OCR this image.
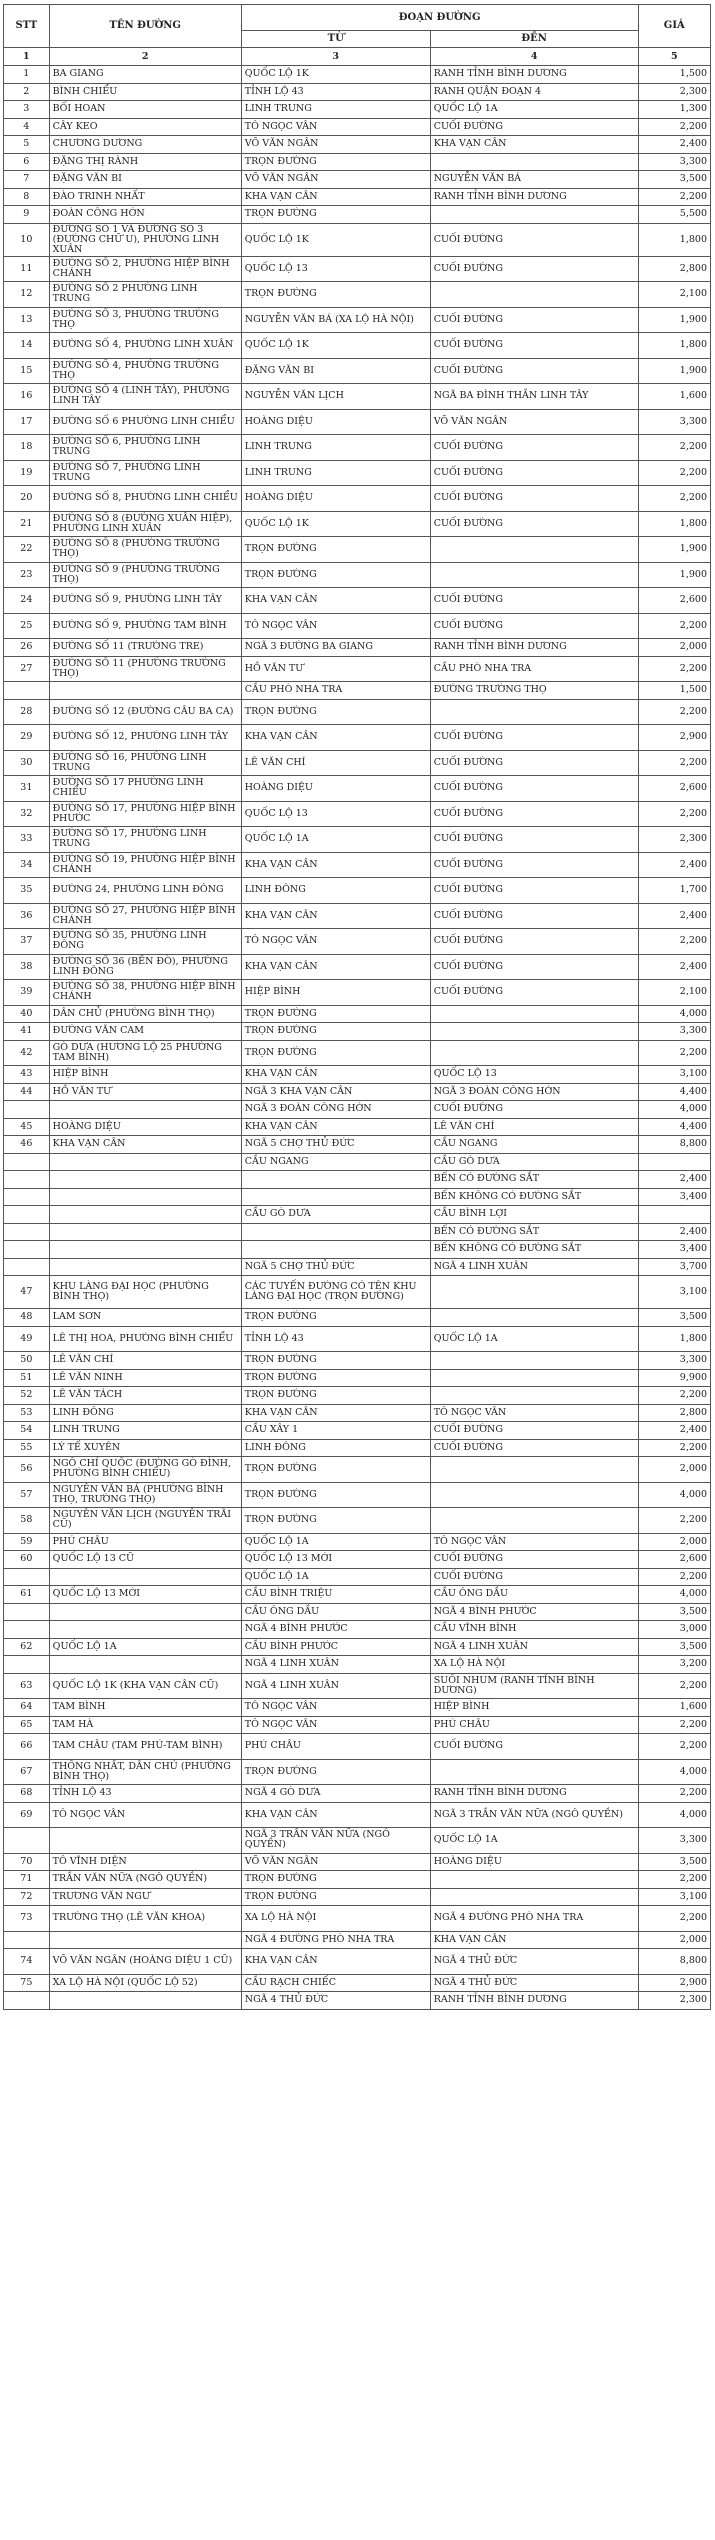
STT	TÊN ĐƯỜNG	ĐOẠN ĐƯỜNG		GIÁ
		TỪ	ĐẾN	
1	2	3	4	5
1	BA GIANG	QUỐC LỘ 1K	RANH TỈNH BÌNH DƯƠNG	1,500
2	BÌNH CHIỂU	TỈNH LỘ 43	RANH QUẬN ĐOẠN 4	2,300
3	BỐI HOAN	LINH TRUNG	QUỐC LỘ 1A	1,300
4	CÂY KEO	TÔ NGỌC VÂN	CUỐI ĐƯỜNG	2,200
5	CHƯƠNG DƯƠNG	VÕ VĂN NGÂN	KHA VẠN CÂN	2,400
6	ĐẶNG THỊ RÀNH	TRỌN ĐƯỜNG		3,300
7	ĐẶNG VĂN BI	VÕ VĂN NGÂN	NGUYỄN VĂN BÁ	3,500
8	ĐÀO TRINH NHẤT	KHA VẠN CÂN	RANH TỈNH BÌNH DƯƠNG	2,200
9	ĐOÀN CÔNG HỚN	TRỌN ĐƯỜNG		5,500
10	ĐƯỜNG SỐ 1 VÀ ĐƯỜNG SỐ 3 (ĐƯỜNG CHỮ U), PHƯỜNG LINH XUÂN	QUỐC LỘ 1K	CUỐI ĐƯỜNG	1,800
11	ĐƯỜNG SỐ 2, PHƯỜNG HIỆP BÌNH CHÁNH	QUỐC LỘ 13	CUỐI ĐƯỜNG	2,800
12	ĐƯỜNG SỐ 2 PHƯỜNG LINH TRUNG	TRỌN ĐƯỜNG		2,100
13	ĐƯỜNG SỐ 3, PHƯỜNG TRƯỜNG THỌ	NGUYỄN VĂN BÁ (XA LỘ HÀ NỘI)	CUỐI ĐƯỜNG	1,900
14	ĐƯỜNG SỐ 4, PHƯỜNG LINH XUÂN	QUỐC LỘ 1K	CUỐI ĐƯỜNG	1,800
15	ĐƯỜNG SỐ 4, PHƯỜNG TRƯỜNG THỌ	ĐẶNG VĂN BI	CUỐI ĐƯỜNG	1,900
16	ĐƯỜNG SỐ 4 (LINH TÂY), PHƯỜNG LINH TÂY	NGUYỄN VĂN LỊCH	NGÃ BA ĐÌNH THẦN LINH TÂY	1,600
17	ĐƯỜNG SỐ 6 PHƯỜNG LINH CHIỂU	HOÀNG DIỆU	VÕ VĂN NGÂN	3,300
18	ĐƯỜNG SỐ 6, PHƯỜNG LINH TRUNG	LINH TRUNG	CUỐI ĐƯỜNG	2,200
19	ĐƯỜNG SỐ 7, PHƯỜNG LINH TRUNG	LINH TRUNG	CUỐI ĐƯỜNG	2,200
20	ĐƯỜNG SỐ 8, PHƯỜNG LINH CHIỂU	HOÀNG DIỆU	CUỐI ĐƯỜNG	2,200
21	ĐƯỜNG SỐ 8 (ĐƯỜNG XUÂN HIỆP), PHƯỜNG LINH XUÂN	QUỐC LỘ 1K	CUỐI ĐƯỜNG	1,800
22	ĐƯỜNG SỐ 8 (PHƯỜNG TRƯỜNG THỌ)	TRỌN ĐƯỜNG		1,900
23	ĐƯỜNG SỐ 9 (PHƯỜNG TRƯỜNG THỌ)	TRỌN ĐƯỜNG		1,900
24	ĐƯỜNG SỐ 9, PHƯỜNG LINH TÂY	KHA VẠN CÂN	CUỐI ĐƯỜNG	2,600
25	ĐƯỜNG SỐ 9, PHƯỜNG TAM BÌNH	TÔ NGỌC VÂN	CUỐI ĐƯỜNG	2,200
26	ĐƯỜNG SỐ 11 (TRƯỜNG TRE)	NGÃ 3 ĐƯỜNG BA GIANG	RANH TỈNH BÌNH DƯƠNG	2,000
27	ĐƯỜNG SỐ 11 (PHƯỜNG TRƯỜNG THỌ)	HỒ VĂN TƯ	CẦU PHÒ NHA TRA	2,200
		CẦU PHÒ NHA TRA	ĐƯỜNG TRƯỜNG THỌ	1,500
28	ĐƯỜNG SỐ 12 (ĐƯỜNG CÂU BA CA)	TRỌN ĐƯỜNG		2,200
29	ĐƯỜNG SỐ 12, PHƯỜNG LINH TÂY	KHA VẠN CÂN	CUỐI ĐƯỜNG	2,900
30	ĐƯỜNG SỐ 16, PHƯỜNG LINH TRUNG	LÊ VĂN CHÍ	CUỐI ĐƯỜNG	2,200
31	ĐƯỜNG SỐ 17 PHƯỜNG LINH CHIỂU	HOÀNG DIỆU	CUỐI ĐƯỜNG	2,600
32	ĐƯỜNG SỐ 17, PHƯỜNG HIỆP BÌNH PHƯỚC	QUỐC LỘ 13	CUỐI ĐƯỜNG	2,200
33	ĐƯỜNG SỐ 17, PHƯỜNG LINH TRUNG	QUỐC LỘ 1A	CUỐI ĐƯỜNG	2,300
34	ĐƯỜNG SỐ 19, PHƯỜNG HIỆP BÌNH CHÁNH	KHA VẠN CÂN	CUỐI ĐƯỜNG	2,400
35	ĐƯỜNG 24, PHƯỜNG LINH ĐÔNG	LINH ĐÔNG	CUỐI ĐƯỜNG	1,700
36	ĐƯỜNG SỐ 27, PHƯỜNG HIỆP BÌNH CHÁNH	KHA VẠN CÂN	CUỐI ĐƯỜNG	2,400
37	ĐƯỜNG SỐ 35, PHƯỜNG LINH ĐÔNG	TÔ NGỌC VÂN	CUỐI ĐƯỜNG	2,200
38	ĐƯỜNG SỐ 36 (BẾN ĐÒ), PHƯỜNG LINH ĐÔNG	KHA VẠN CÂN	CUỐI ĐƯỜNG	2,400
39	ĐƯỜNG SỐ 38, PHƯỜNG HIỆP BÌNH CHÁNH	HIỆP BÌNH	CUỐI ĐƯỜNG	2,100
40	DÂN CHỦ (PHƯỜNG BÌNH THỌ)	TRỌN ĐƯỜNG		4,000
41	ĐƯỜNG VĂN CAM	TRỌN ĐƯỜNG		3,300
42	GÒ DƯA (HƯƠNG LỘ 25 PHƯỜNG TAM BÌNH)	TRỌN ĐƯỜNG		2,200
43	HIỆP BÌNH	KHA VẠN CÂN	QUỐC LỘ 13	3,100
44	HỒ VĂN TƯ	NGÃ 3 KHA VẠN CÂN	NGÃ 3 ĐOÀN CÔNG HỚN	4,400
		NGÃ 3 ĐOÀN CÔNG HỚN	CUỐI ĐƯỜNG	4,000
45	HOÀNG DIỆU	KHA VẠN CÂN	LÊ VĂN CHÍ	4,400
46	KHA VẠN CÂN	NGÃ 5 CHỢ THỦ ĐỨC	CẦU NGANG	8,800
		CẦU NGANG	CẦU GÒ DƯA	
			BẾN CÓ ĐƯỜNG SẮT	2,400
			BẾN KHÔNG CÓ ĐƯỜNG SẮT	3,400
		CẦU GÒ DƯA	CẦU BÌNH LỢI	
			BẾN CÓ ĐƯỜNG SẮT	2,400
			BẾN KHÔNG CÓ ĐƯỜNG SẮT	3,400
		NGÃ 5 CHỢ THỦ ĐỨC	NGÃ 4 LINH XUÂN	3,700
47	KHU LÀNG ĐẠI HỌC (PHƯỜNG BÌNH THỌ)	CÁC TUYẾN ĐƯỜNG CÓ TÊN KHU LÀNG ĐẠI HỌC (TRỌN ĐƯỜNG)		3,100
48	LAM SƠN	TRỌN ĐƯỜNG		3,500
49	LÊ THỊ HOA, PHƯỜNG BÌNH CHIỂU	TỈNH LỘ 43	QUỐC LỘ 1A	1,800
50	LÊ VĂN CHÍ	TRỌN ĐƯỜNG		3,300
51	LÊ VĂN NINH	TRỌN ĐƯỜNG		9,900
52	LÊ VĂN TÁCH	TRỌN ĐƯỜNG		2,200
53	LINH ĐÔNG	KHA VẠN CÂN	TÔ NGỌC VÂN	2,800
54	LINH TRUNG	CẦU XÂY 1	CUỐI ĐƯỜNG	2,400
55	LÝ TẾ XUYÊN	LINH ĐÔNG	CUỐI ĐƯỜNG	2,200
56	NGÔ CHÍ QUỐC (ĐƯỜNG GÒ ĐÌNH, PHƯỜNG BÌNH CHIỂU)	TRỌN ĐƯỜNG		2,000
57	NGUYỄN VĂN BÁ (PHƯỜNG BÌNH THỌ, TRƯỜNG THỌ)	TRỌN ĐƯỜNG		4,000
58	NGUYỄN VĂN LỊCH (NGUYỄN TRÃI CŨ)	TRỌN ĐƯỜNG		2,200
59	PHÚ CHÂU	QUỐC LỘ 1A	TÔ NGỌC VÂN	2,000
60	QUỐC LỘ 13 CŨ	QUỐC LỘ 13 MỚI	CUỐI ĐƯỜNG	2,600
		QUỐC LỘ 1A	CUỐI ĐƯỜNG	2,200
61	QUỐC LỘ 13 MỚI	CẦU BÌNH TRIỆU	CẦU ÔNG DẦU	4,000
		CẦU ÔNG DẦU	NGÃ 4 BÌNH PHƯỚC	3,500
		NGÃ 4 BÌNH PHƯỚC	CẦU VĨNH BÌNH	3,000
62	QUỐC LỘ 1A	CẦU BÌNH PHƯỚC	NGÃ 4 LINH XUÂN	3,500
		NGÃ 4 LINH XUÂN	XA LỘ HÀ NỘI	3,200
63	QUỐC LỘ 1K (KHA VẠN CÂN CŨ)	NGÃ 4 LINH XUÂN	SUỐI NHUM (RANH TỈNH BÌNH DƯƠNG)	2,200
64	TAM BÌNH	TÔ NGỌC VÂN	HIỆP BÌNH	1,600
65	TAM HÀ	TÔ NGỌC VÂN	PHÚ CHÂU	2,200
66	TAM CHÂU (TAM PHÚ-TAM BÌNH)	PHÚ CHÂU	CUỐI ĐƯỜNG	2,200
67	THỐNG NHẤT, DÂN CHỦ (PHƯỜNG BÌNH THỌ)	TRỌN ĐƯỜNG		4,000
68	TỈNH LỘ 43	NGÃ 4 GÒ DƯA	RANH TỈNH BÌNH DƯƠNG	2,200
69	TÔ NGỌC VÂN	KHA VẠN CÂN	NGÃ 3 TRẦN VĂN NỮA (NGÔ QUYỀN)	4,000
		NGÃ 3 TRẦN VĂN NỮA (NGÔ QUYỀN)	QUỐC LỘ 1A	3,300
70	TÔ VĨNH DIỆN	VÕ VĂN NGÂN	HOÀNG DIỆU	3,500
71	TRẦN VĂN NỮA (NGÔ QUYỀN)	TRỌN ĐƯỜNG		2,200
72	TRƯƠNG VĂN NGƯ	TRỌN ĐƯỜNG		3,100
73	TRƯỜNG THỌ (LÊ VĂN KHOA)	XA LỘ HÀ NỘI	NGÃ 4 ĐƯỜNG PHÒ NHA TRA	2,200
		NGÃ 4 ĐƯỜNG PHÒ NHA TRA	KHA VẠN CÂN	2,000
74	VÕ VĂN NGÂN (HOÀNG DIỆU 1 CŨ)	KHA VẠN CÂN	NGÃ 4 THỦ ĐỨC	8,800
75	XA LỘ HÀ NỘI (QUỐC LỘ 52)	CẦU RẠCH CHIẾC	NGÃ 4 THỦ ĐỨC	2,900
		NGÃ 4 THỦ ĐỨC	RANH TỈNH BÌNH DƯƠNG	2,300
